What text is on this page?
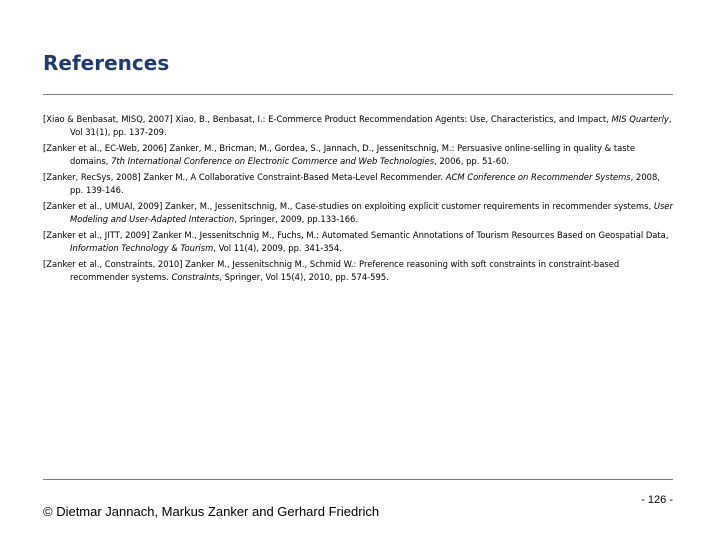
References
[Xiao & Benbasat, MISQ, 2007] Xiao, B., Benbasat, I.: E-Commerce Product Recommendation Agents: Use, Characteristics, and Impact, MIS Quarterly, Vol 31(1), pp. 137-209.
[Zanker et al., EC-Web, 2006] Zanker, M., Bricman, M., Gordea, S., Jannach, D., Jessenitschnig, M.: Persuasive online-selling in quality & taste domains, 7th International Conference on Electronic Commerce and Web Technologies, 2006, pp. 51-60.
[Zanker, RecSys, 2008] Zanker M., A Collaborative Constraint-Based Meta-Level Recommender. ACM Conference on Recommender Systems, 2008, pp. 139-146.
[Zanker et al., UMUAI, 2009] Zanker, M., Jessenitschnig, M., Case-studies on exploiting explicit customer requirements in recommender systems, User Modeling and User-Adapted Interaction, Springer, 2009, pp.133-166.
[Zanker et al., JITT, 2009] Zanker M., Jessenitschnig M., Fuchs, M.: Automated Semantic Annotations of Tourism Resources Based on Geospatial Data, Information Technology & Tourism, Vol 11(4), 2009, pp. 341-354.
[Zanker et al., Constraints, 2010] Zanker M., Jessenitschnig M., Schmid W.: Preference reasoning with soft constraints in constraint-based recommender systems. Constraints, Springer, Vol 15(4), 2010, pp. 574-595.
© Dietmar Jannach, Markus Zanker and Gerhard Friedrich
- 126 -
